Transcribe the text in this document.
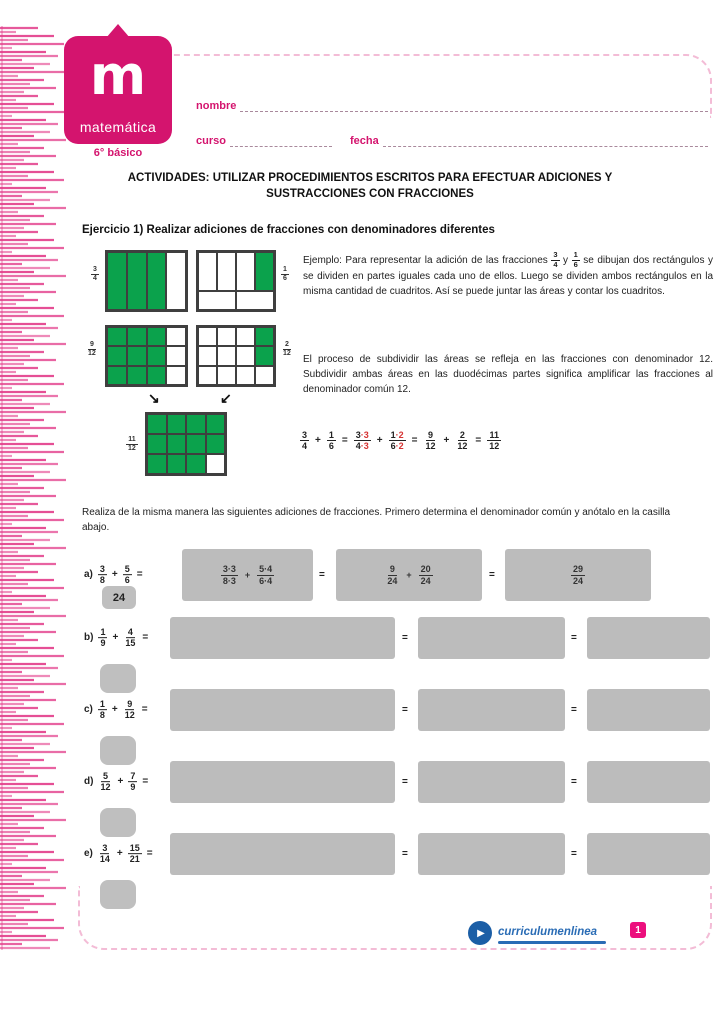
m
matemática
6° básico
nombre
curso	fecha
ACTIVIDADES: UTILIZAR PROCEDIMIENTOS ESCRITOS PARA EFECTUAR ADICIONES Y
SUSTRACCIONES CON FRACCIONES
Ejercicio 1) Realizar adiciones de fracciones con denominadores diferentes
$\frac{3}{4}$	$\frac{1}{6}$
$\frac{9}{12}$	$\frac{2}{12}$
↘	↙
$\frac{11}{12}$
Ejemplo: Para representar la adición de las fracciones $\frac{3}{4}$ y $\frac{1}{6}$ se dibujan dos rectángulos y se dividen en partes iguales cada uno de ellos. Luego se dividen ambos rectángulos en la misma cantidad de cuadritos. Así se puede juntar las áreas y contar los cuadritos.
El proceso de subdividir las áreas se refleja en las fracciones con denominador 12. Subdividir ambas áreas en las duodécimas partes significa amplificar las fracciones al denominador común 12.
$\frac{3}{4} + \frac{1}{6} = \frac{3 \cdot 3}{4 \cdot 3} + \frac{1 \cdot 2}{6 \cdot 2} = \frac{9}{12} + \frac{2}{12} = \frac{11}{12}$
Realiza de la misma manera las siguientes adiciones de fracciones. Primero determina el denominador común y anótalo en la casilla abajo.
$a) \frac{3}{8} + \frac{5}{6}$ =	$\frac{3 \cdot 3}{8 \cdot 3} + \frac{5 \cdot 4}{6 \cdot 4}$	=	$\frac{9}{24} + \frac{20}{24}$	=	$\frac{29}{24}$
24
$b) \frac{1}{9} + \frac{4}{15}$ =	=	=
$c) \frac{1}{8} + \frac{9}{12}$ =	=	=
$d) \frac{5}{12} + \frac{7}{9}$ =	=	=
$e) \frac{3}{14} + \frac{15}{21}$ =	=	=
▶	curriculumenlinea	1
